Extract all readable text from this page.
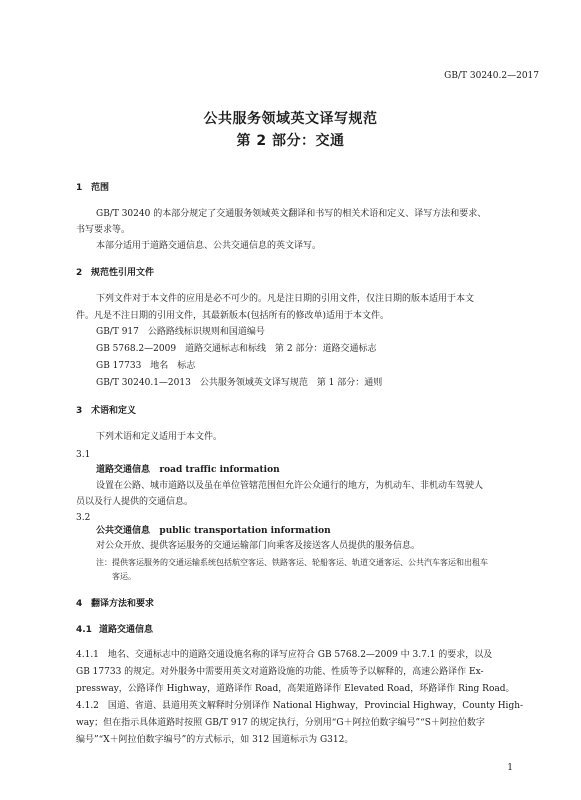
GB/T 30240.2—2017
公共服务领域英文译写规范
第 2 部分：交通
1 范围
GB/T 30240 的本部分规定了交通服务领域英文翻译和书写的相关术语和定义、译写方法和要求、
书写要求等。
本部分适用于道路交通信息、公共交通信息的英文译写。
2 规范性引用文件
下列文件对于本文件的应用是必不可少的。凡是注日期的引用文件，仅注日期的版本适用于本文
件。凡是不注日期的引用文件，其最新版本(包括所有的修改单)适用于本文件。
GB/T 917　公路路线标识规则和国道编号
GB 5768.2—2009　道路交通标志和标线　第 2 部分：道路交通标志
GB 17733　地名　标志
GB/T 30240.1—2013　公共服务领域英文译写规范　第 1 部分：通则
3 术语和定义
下列术语和定义适用于本文件。
3.1
道路交通信息 road traffic information
设置在公路、城市道路以及虽在单位管辖范围但允许公众通行的地方，为机动车、非机动车驾驶人
员以及行人提供的交通信息。
3.2
公共交通信息 public transportation information
对公众开放、提供客运服务的交通运输部门向乘客及接送客人员提供的服务信息。
注：提供客运服务的交通运输系统包括航空客运、铁路客运、轮船客运、轨道交通客运、公共汽车客运和出租车
客运。
4 翻译方法和要求
4.1 道路交通信息
4.1.1　地名、交通标志中的道路交通设施名称的译写应符合 GB 5768.2—2009 中 3.7.1 的要求，以及
GB 17733 的规定。对外服务中需要用英文对道路设施的功能、性质等予以解释的，高速公路译作 Ex-
pressway，公路译作 Highway，道路译作 Road，高架道路译作 Elevated Road，环路译作 Ring Road。
4.1.2　国道、省道、县道用英文解释时分别译作 National Highway，Provincial Highway，County High-
way；但在指示具体道路时按照 GB/T 917 的规定执行，分别用“G＋阿拉伯数字编号”“S＋阿拉伯数字
编号”“X＋阿拉伯数字编号”的方式标示，如 312 国道标示为 G312。
1
